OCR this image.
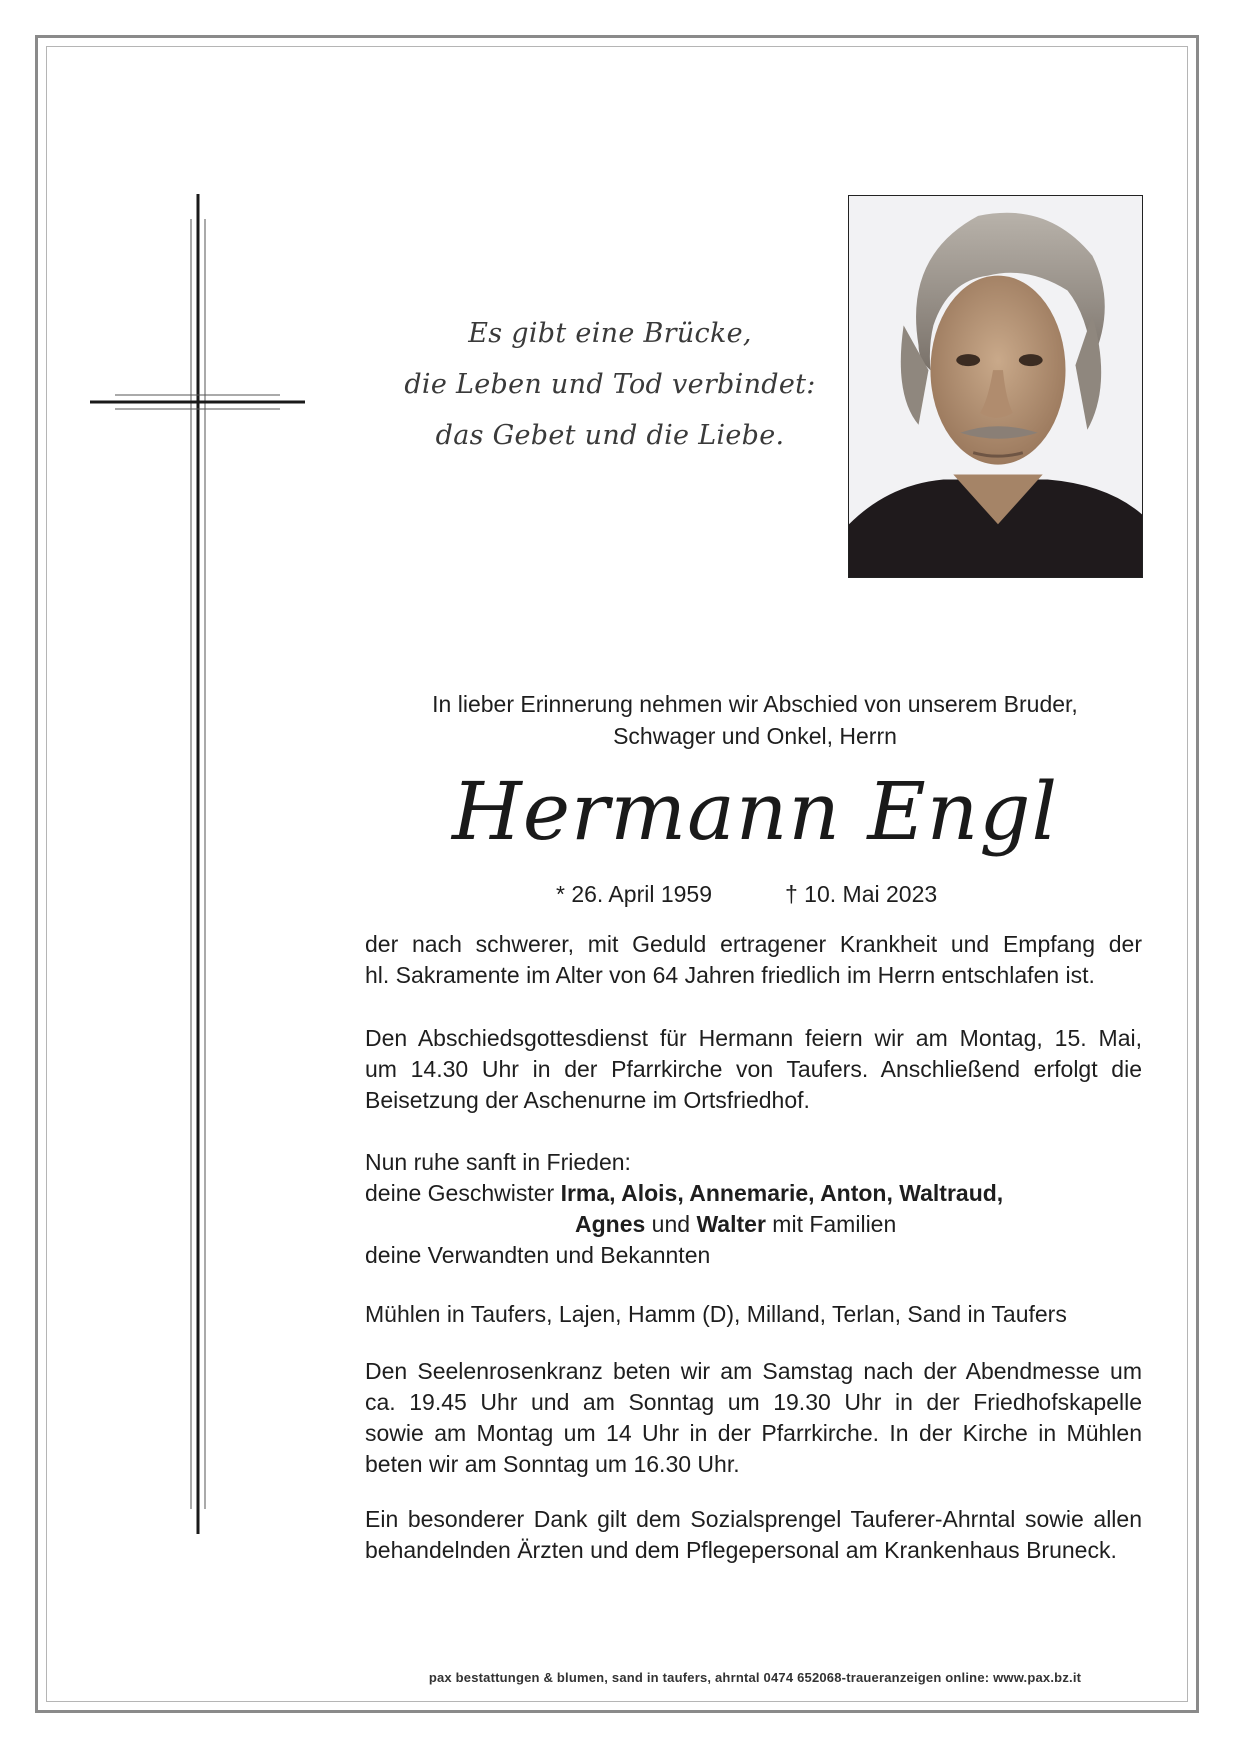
Es gibt eine Brücke,
die Leben und Tod verbindet:
das Gebet und die Liebe.
In lieber Erinnerung nehmen wir Abschied von unserem Bruder,
Schwager und Onkel, Herrn
Hermann Engl
* 26. April 1959	† 10. Mai 2023
der nach schwerer, mit Geduld ertragener Krankheit und Empfang der
hl. Sakramente im Alter von 64 Jahren friedlich im Herrn entschlafen ist.
Den Abschiedsgottesdienst für Hermann feiern wir am Montag, 15. Mai,
um 14.30 Uhr in der Pfarrkirche von Taufers. Anschließend erfolgt die
Beisetzung der Aschenurne im Ortsfriedhof.
Nun ruhe sanft in Frieden:
deine Geschwister Irma, Alois, Annemarie, Anton, Waltraud,
Agnes und Walter mit Familien
deine Verwandten und Bekannten
Mühlen in Taufers, Lajen, Hamm (D), Milland, Terlan, Sand in Taufers
Den Seelenrosenkranz beten wir am Samstag nach der Abendmesse um
ca. 19.45 Uhr und am Sonntag um 19.30 Uhr in der Friedhofskapelle
sowie am Montag um 14 Uhr in der Pfarrkirche. In der Kirche in Mühlen
beten wir am Sonntag um 16.30 Uhr.
Ein besonderer Dank gilt dem Sozialsprengel Tauferer-Ahrntal sowie allen
behandelnden Ärzten und dem Pflegepersonal am Krankenhaus Bruneck.
pax bestattungen & blumen, sand in taufers, ahrntal 0474 652068-traueranzeigen online: www.pax.bz.it
